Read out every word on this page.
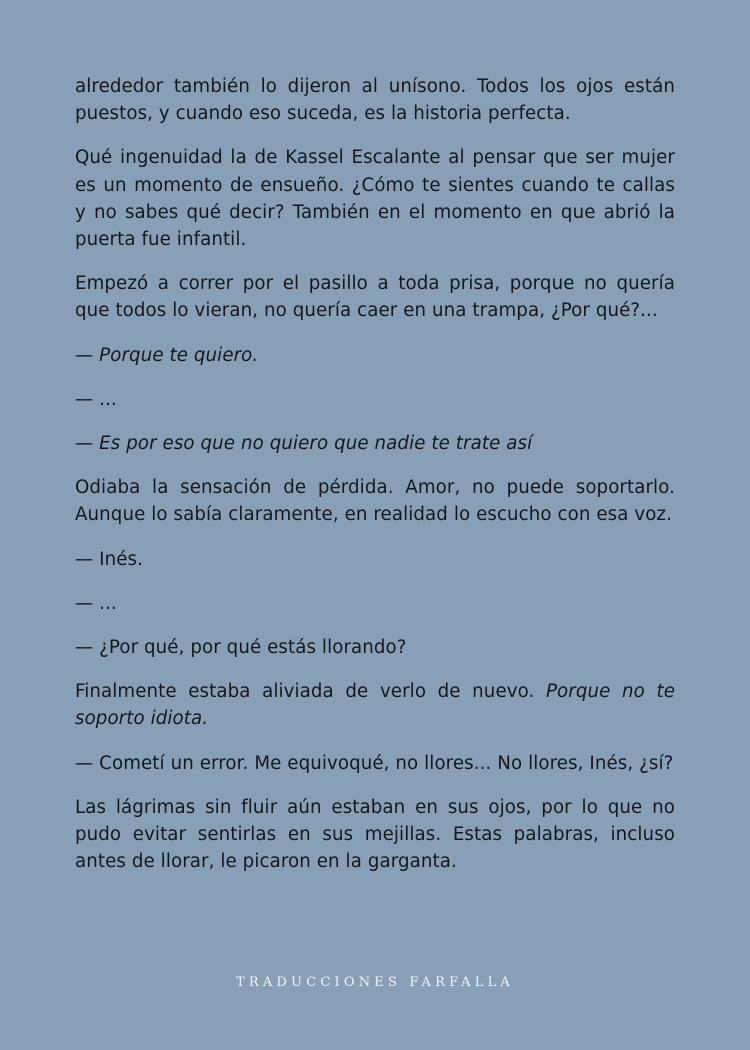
alrededor también lo dijeron al unísono. Todos los ojos están puestos, y cuando eso suceda, es la historia perfecta.

Qué ingenuidad la de Kassel Escalante al pensar que ser mujer es un momento de ensueño. ¿Cómo te sientes cuando te callas y no sabes qué decir? También en el momento en que abrió la puerta fue infantil.

Empezó a correr por el pasillo a toda prisa, porque no quería que todos lo vieran, no quería caer en una trampa, ¿Por qué?...

— Porque te quiero.

— ...

— Es por eso que no quiero que nadie te trate así

Odiaba la sensación de pérdida. Amor, no puede soportarlo. Aunque lo sabía claramente, en realidad lo escucho con esa voz.

— Inés.

— ...

— ¿Por qué, por qué estás llorando?

Finalmente estaba aliviada de verlo de nuevo. Porque no te soporto idiota.

— Cometí un error. Me equivoqué, no llores... No llores, Inés, ¿sí?

Las lágrimas sin fluir aún estaban en sus ojos, por lo que no pudo evitar sentirlas en sus mejillas. Estas palabras, incluso antes de llorar, le picaron en la garganta.

TRADUCCIONES FARFALLA
